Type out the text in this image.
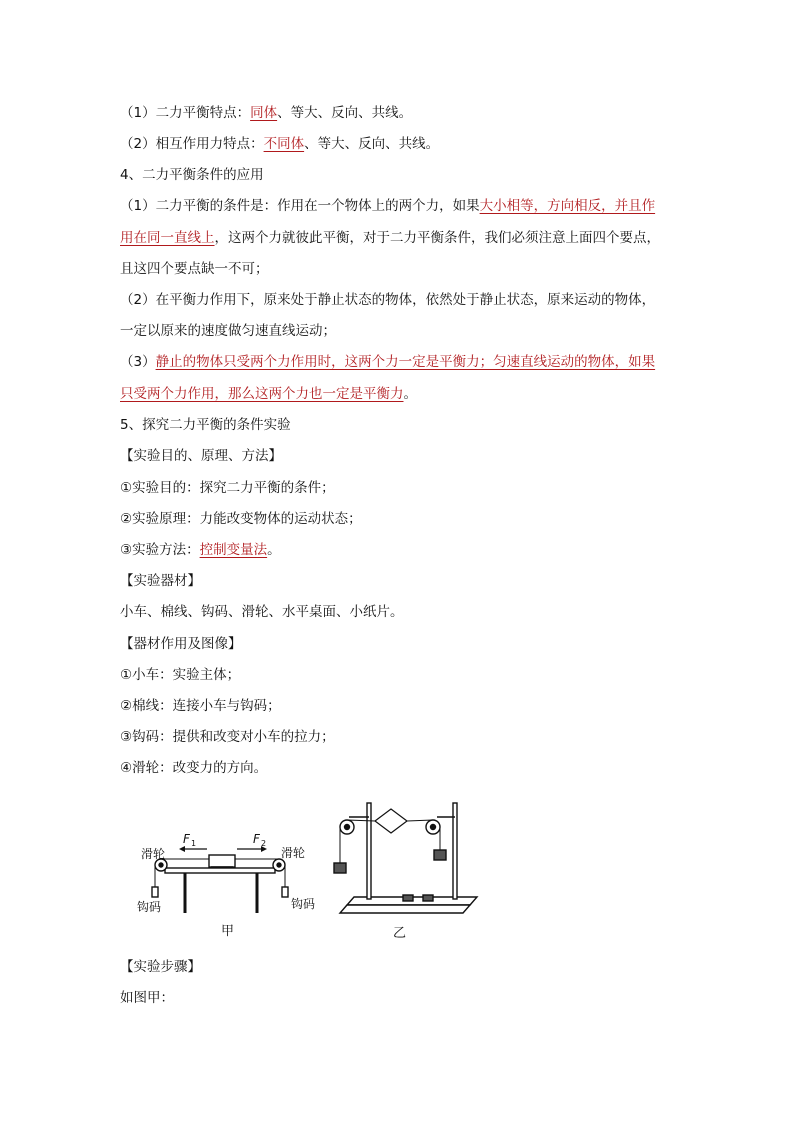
（1）二力平衡特点：同体、等大、反向、共线。
（2）相互作用力特点：不同体、等大、反向、共线。
4、二力平衡条件的应用
（1）二力平衡的条件是：作用在一个物体上的两个力，如果大小相等，方向相反，并且作
用在同一直线上，这两个力就彼此平衡，对于二力平衡条件，我们必须注意上面四个要点，
且这四个要点缺一不可；
（2）在平衡力作用下，原来处于静止状态的物体，依然处于静止状态，原来运动的物体，
一定以原来的速度做匀速直线运动；
（3）静止的物体只受两个力作用时，这两个力一定是平衡力；匀速直线运动的物体，如果
只受两个力作用，那么这两个力也一定是平衡力。
5、探究二力平衡的条件实验
【实验目的、原理、方法】
①实验目的：探究二力平衡的条件；
②实验原理：力能改变物体的运动状态；
③实验方法：控制变量法。
【实验器材】
小车、棉线、钩码、滑轮、水平桌面、小纸片。
【器材作用及图像】
①小车：实验主体；
②棉线：连接小车与钩码；
③钩码：提供和改变对小车的拉力；
④滑轮：改变力的方向。
滑轮	滑轮
钩码	钩码
F 1	F 2
甲	乙
【实验步骤】
如图甲：
